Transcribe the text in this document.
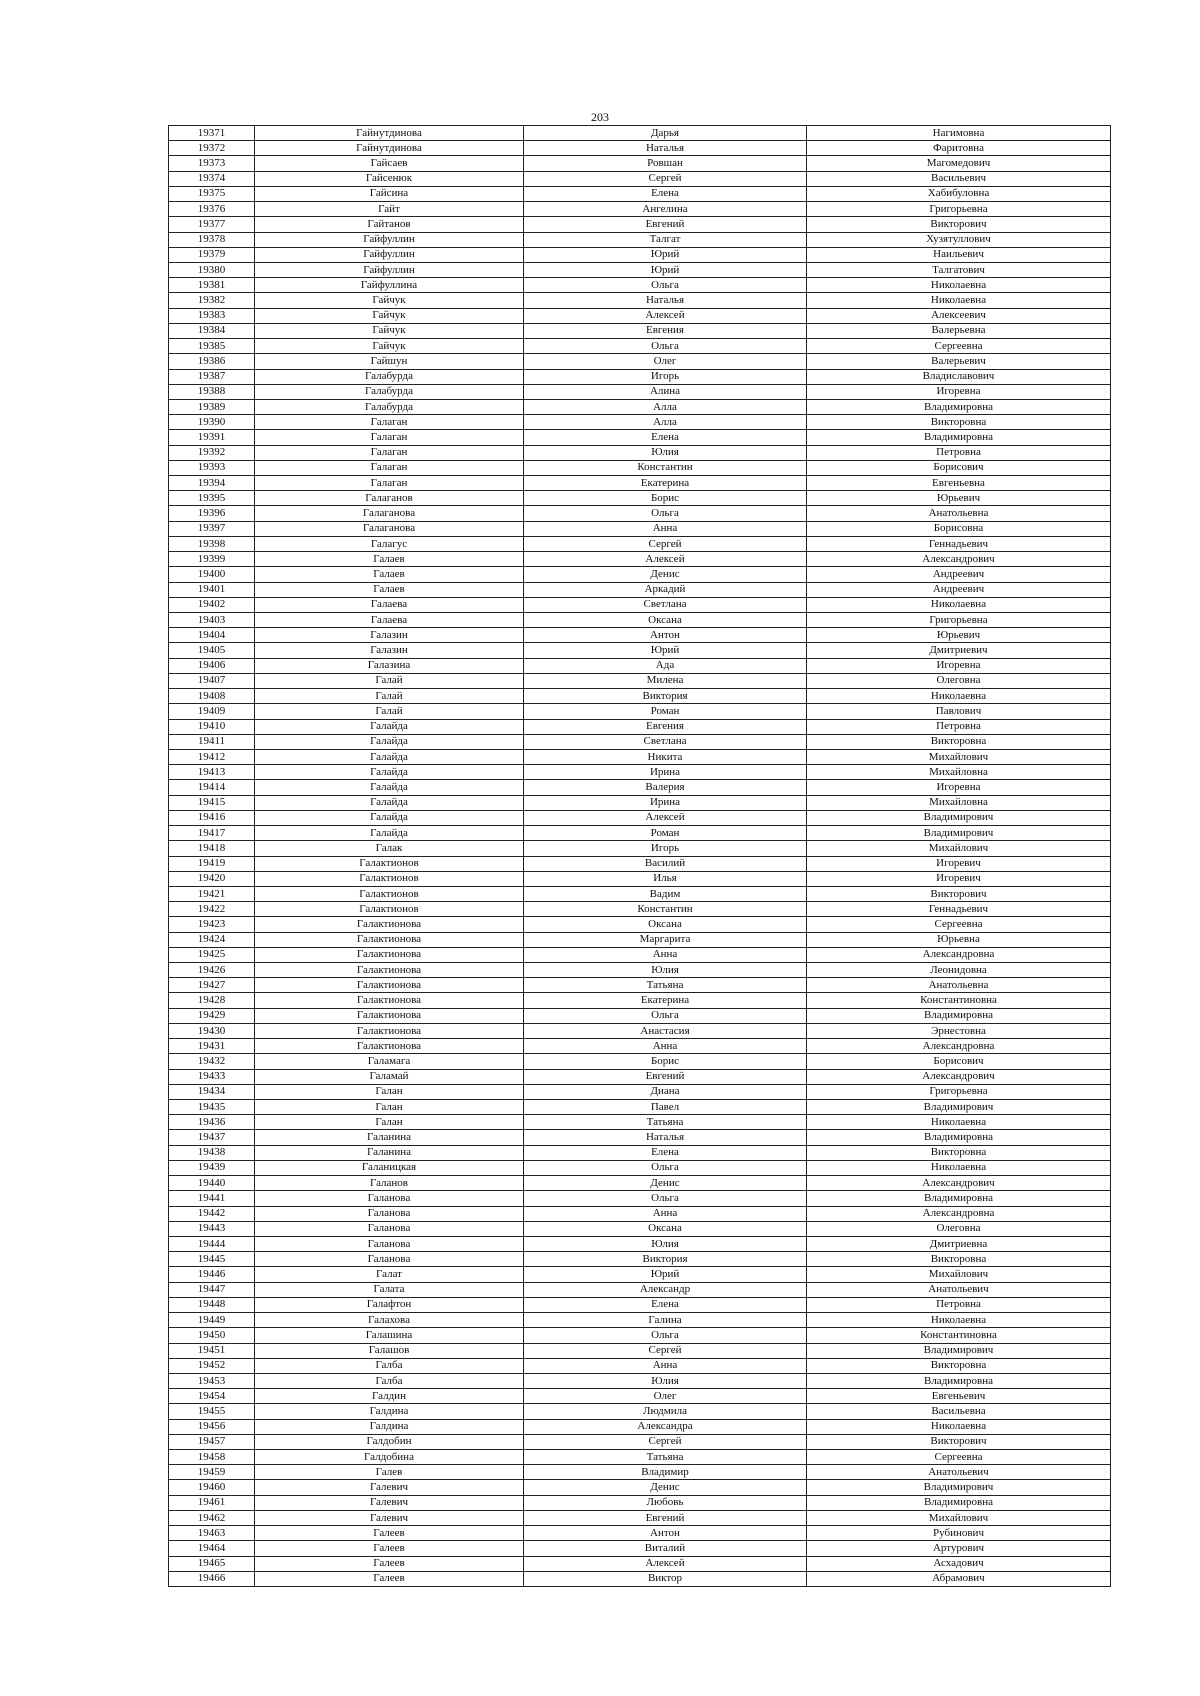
203
19371	Гайнутдинова	Дарья	Нагимовна
19372	Гайнутдинова	Наталья	Фаритовна
19373	Гайсаев	Ровшан	Магомедович
19374	Гайсенюк	Сергей	Васильевич
19375	Гайсина	Елена	Хабибуловна
19376	Гайт	Ангелина	Григорьевна
19377	Гайтанов	Евгений	Викторович
19378	Гайфуллин	Талгат	Хузятуллович
19379	Гайфуллин	Юрий	Наильевич
19380	Гайфуллин	Юрий	Талгатович
19381	Гайфуллина	Ольга	Николаевна
19382	Гайчук	Наталья	Николаевна
19383	Гайчук	Алексей	Алексеевич
19384	Гайчук	Евгения	Валерьевна
19385	Гайчук	Ольга	Сергеевна
19386	Гайшун	Олег	Валерьевич
19387	Галабурда	Игорь	Владиславович
19388	Галабурда	Алина	Игоревна
19389	Галабурда	Алла	Владимировна
19390	Галаган	Алла	Викторовна
19391	Галаган	Елена	Владимировна
19392	Галаган	Юлия	Петровна
19393	Галаган	Константин	Борисович
19394	Галаган	Екатерина	Евгеньевна
19395	Галаганов	Борис	Юрьевич
19396	Галаганова	Ольга	Анатольевна
19397	Галаганова	Анна	Борисовна
19398	Галагус	Сергей	Геннадьевич
19399	Галаев	Алексей	Александрович
19400	Галаев	Денис	Андреевич
19401	Галаев	Аркадий	Андреевич
19402	Галаева	Светлана	Николаевна
19403	Галаева	Оксана	Григорьевна
19404	Галазин	Антон	Юрьевич
19405	Галазин	Юрий	Дмитриевич
19406	Галазина	Ада	Игоревна
19407	Галай	Милена	Олеговна
19408	Галай	Виктория	Николаевна
19409	Галай	Роман	Павлович
19410	Галайда	Евгения	Петровна
19411	Галайда	Светлана	Викторовна
19412	Галайда	Никита	Михайлович
19413	Галайда	Ирина	Михайловна
19414	Галайда	Валерия	Игоревна
19415	Галайда	Ирина	Михайловна
19416	Галайда	Алексей	Владимирович
19417	Галайда	Роман	Владимирович
19418	Галак	Игорь	Михайлович
19419	Галактионов	Василий	Игоревич
19420	Галактионов	Илья	Игоревич
19421	Галактионов	Вадим	Викторович
19422	Галактионов	Константин	Геннадьевич
19423	Галактионова	Оксана	Сергеевна
19424	Галактионова	Маргарита	Юрьевна
19425	Галактионова	Анна	Александровна
19426	Галактионова	Юлия	Леонидовна
19427	Галактионова	Татьяна	Анатольевна
19428	Галактионова	Екатерина	Константиновна
19429	Галактионова	Ольга	Владимировна
19430	Галактионова	Анастасия	Эрнестовна
19431	Галактионова	Анна	Александровна
19432	Галамага	Борис	Борисович
19433	Галамай	Евгений	Александрович
19434	Галан	Диана	Григорьевна
19435	Галан	Павел	Владимирович
19436	Галан	Татьяна	Николаевна
19437	Галанина	Наталья	Владимировна
19438	Галанина	Елена	Викторовна
19439	Галаницкая	Ольга	Николаевна
19440	Галанов	Денис	Александрович
19441	Галанова	Ольга	Владимировна
19442	Галанова	Анна	Александровна
19443	Галанова	Оксана	Олеговна
19444	Галанова	Юлия	Дмитриевна
19445	Галанова	Виктория	Викторовна
19446	Галат	Юрий	Михайлович
19447	Галата	Александр	Анатольевич
19448	Галафтон	Елена	Петровна
19449	Галахова	Галина	Николаевна
19450	Галашина	Ольга	Константиновна
19451	Галашов	Сергей	Владимирович
19452	Галба	Анна	Викторовна
19453	Галба	Юлия	Владимировна
19454	Галдин	Олег	Евгеньевич
19455	Галдина	Людмила	Васильевна
19456	Галдина	Александра	Николаевна
19457	Галдобин	Сергей	Викторович
19458	Галдобина	Татьяна	Сергеевна
19459	Галев	Владимир	Анатольевич
19460	Галевич	Денис	Владимирович
19461	Галевич	Любовь	Владимировна
19462	Галевич	Евгений	Михайлович
19463	Галеев	Антон	Рубинович
19464	Галеев	Виталий	Артурович
19465	Галеев	Алексей	Асхадович
19466	Галеев	Виктор	Абрамович
